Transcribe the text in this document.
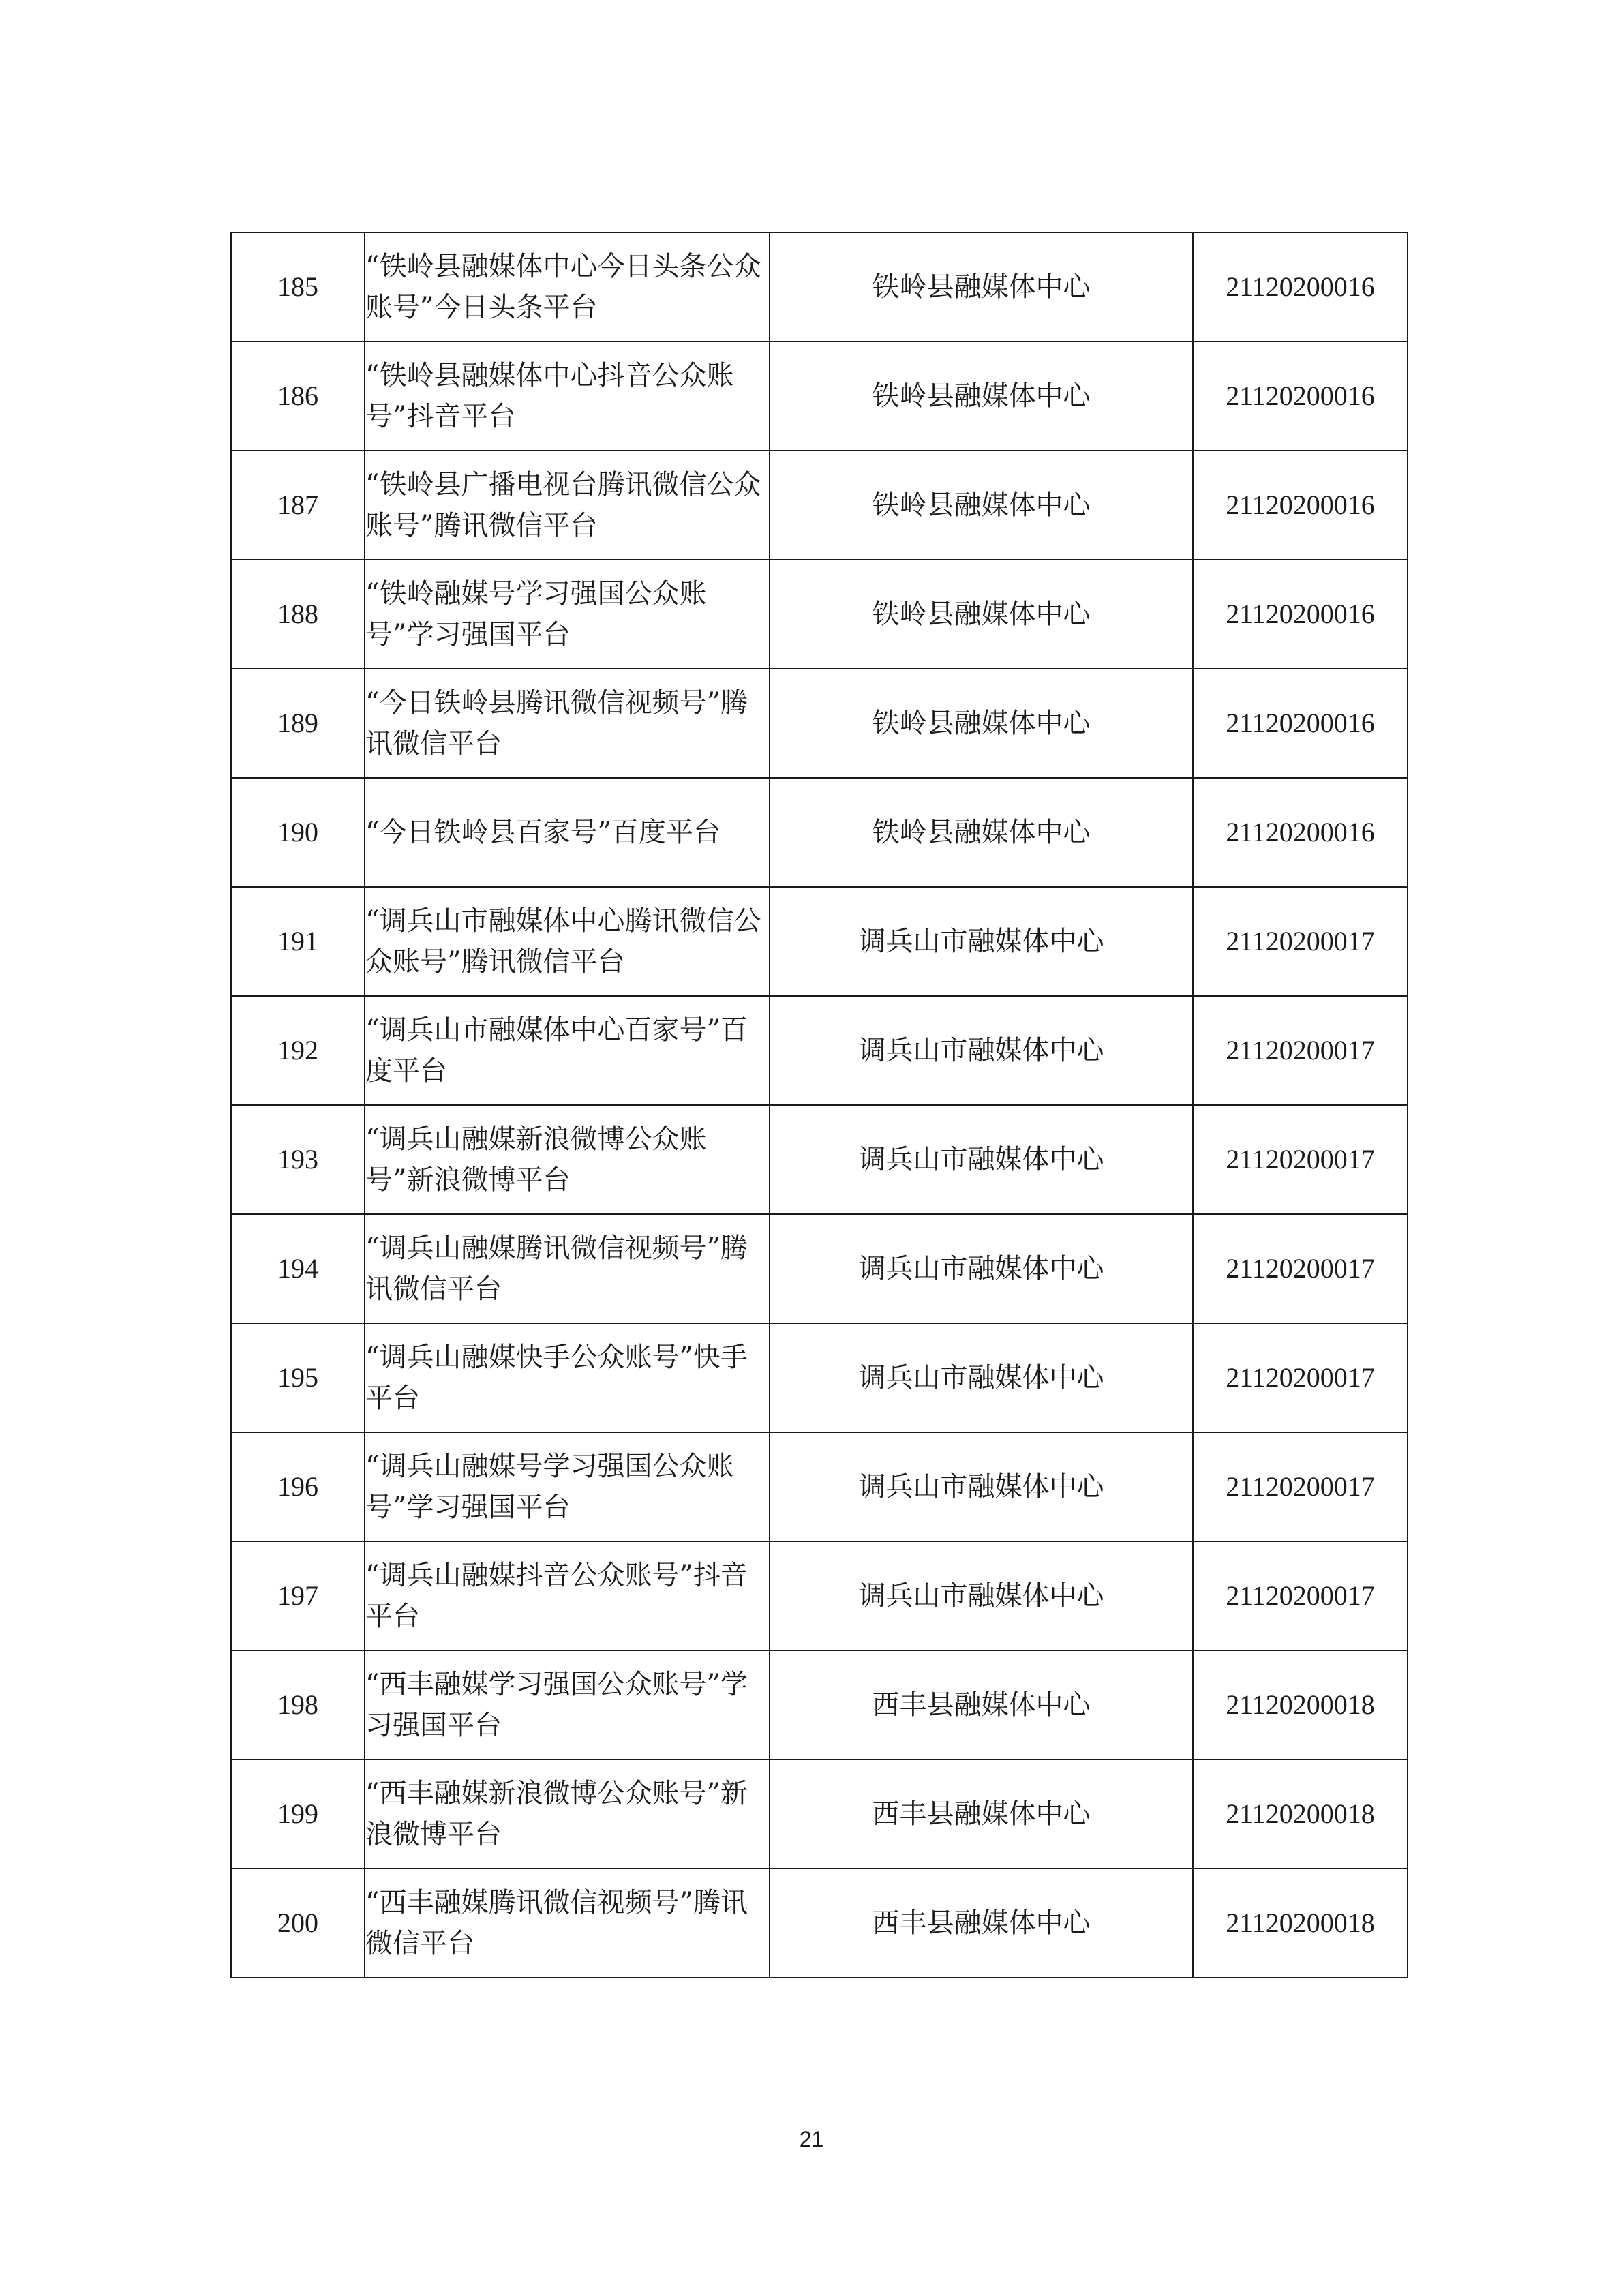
185	“铁岭县融媒体中心今日头条公众账号”今日头条平台	铁岭县融媒体中心	21120200016
186	“铁岭县融媒体中心抖音公众账号”抖音平台	铁岭县融媒体中心	21120200016
187	“铁岭县广播电视台腾讯微信公众账号”腾讯微信平台	铁岭县融媒体中心	21120200016
188	“铁岭融媒号学习强国公众账号”学习强国平台	铁岭县融媒体中心	21120200016
189	“今日铁岭县腾讯微信视频号”腾讯微信平台	铁岭县融媒体中心	21120200016
190	“今日铁岭县百家号”百度平台	铁岭县融媒体中心	21120200016
191	“调兵山市融媒体中心腾讯微信公众账号”腾讯微信平台	调兵山市融媒体中心	21120200017
192	“调兵山市融媒体中心百家号”百度平台	调兵山市融媒体中心	21120200017
193	“调兵山融媒新浪微博公众账号”新浪微博平台	调兵山市融媒体中心	21120200017
194	“调兵山融媒腾讯微信视频号”腾讯微信平台	调兵山市融媒体中心	21120200017
195	“调兵山融媒快手公众账号”快手平台	调兵山市融媒体中心	21120200017
196	“调兵山融媒号学习强国公众账号”学习强国平台	调兵山市融媒体中心	21120200017
197	“调兵山融媒抖音公众账号”抖音平台	调兵山市融媒体中心	21120200017
198	“西丰融媒学习强国公众账号”学习强国平台	西丰县融媒体中心	21120200018
199	“西丰融媒新浪微博公众账号”新浪微博平台	西丰县融媒体中心	21120200018
200	“西丰融媒腾讯微信视频号”腾讯微信平台	西丰县融媒体中心	21120200018
21
